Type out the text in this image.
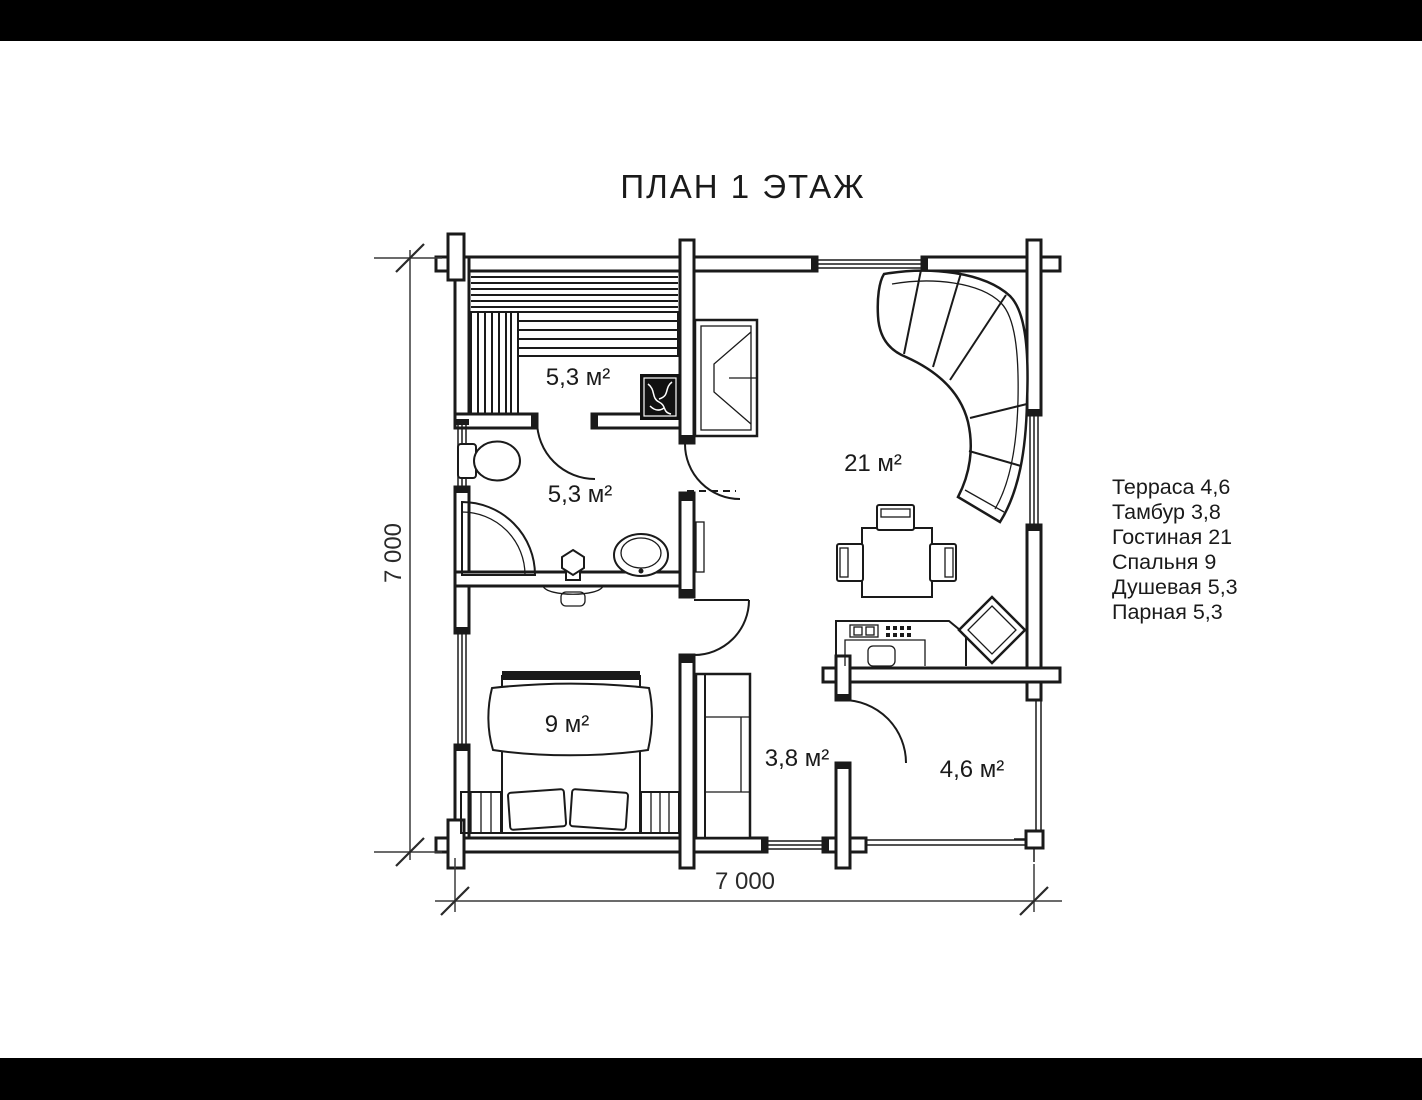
ПЛАН 1 ЭТАЖ
5,3 м²
5,3 м²
21 м²
9 м²
3,8 м²	4,6 м²
7 000
7 000
Терраса 4,6
Тамбур 3,8
Гостиная 21
Спальня 9
Душевая 5,3
Парная 5,3
